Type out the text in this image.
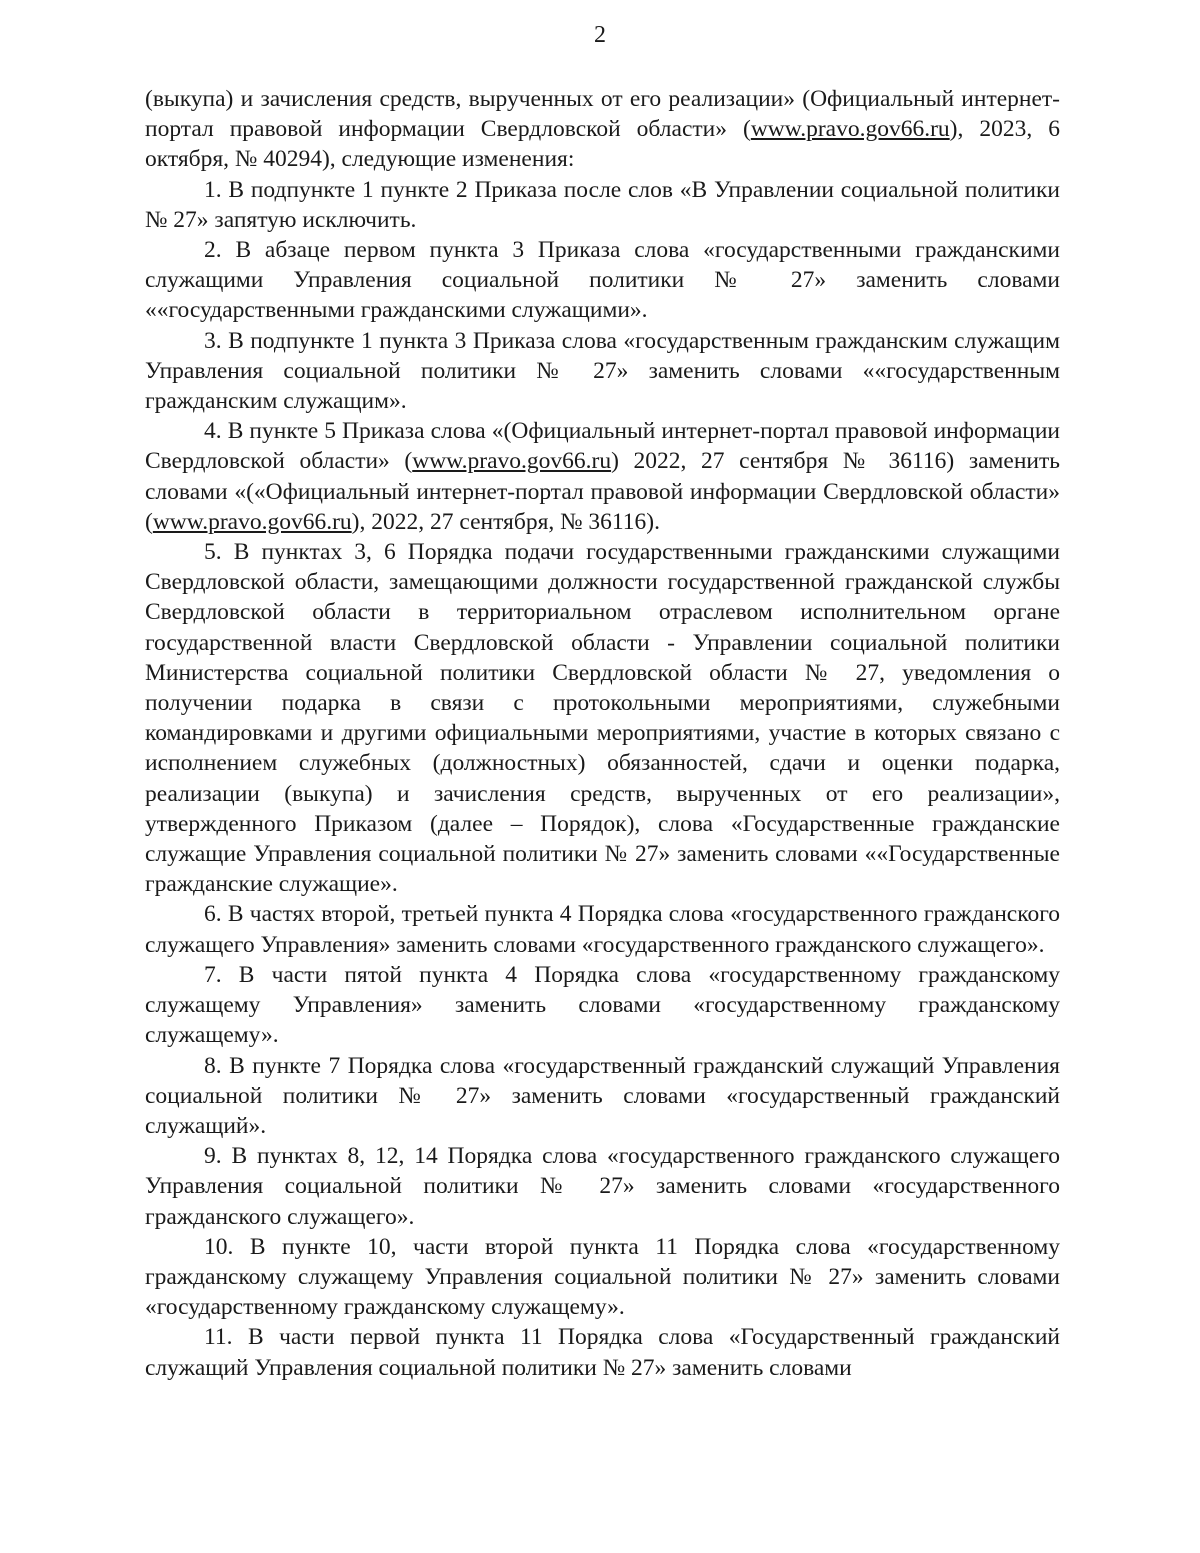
2

(выкупа) и зачисления средств, вырученных от его реализации» (Официальный интернет-портал правовой информации Свердловской области» (www.pravo.gov66.ru), 2023, 6 октября, № 40294), следующие изменения:

1. В подпункте 1 пункте 2 Приказа после слов «В Управлении социальной политики № 27» запятую исключить.

2. В абзаце первом пункта 3 Приказа слова «государственными гражданскими служащими Управления социальной политики № 27» заменить словами ««государственными гражданскими служащими».

3. В подпункте 1 пункта 3 Приказа слова «государственным гражданским служащим Управления социальной политики № 27» заменить словами ««государственным гражданским служащим».

4. В пункте 5 Приказа слова «(Официальный интернет-портал правовой информации Свердловской области» (www.pravo.gov66.ru) 2022, 27 сентября № 36116) заменить словами «(«Официальный интернет-портал правовой информации Свердловской области» (www.pravo.gov66.ru), 2022, 27 сентября, № 36116).

5. В пунктах 3, 6 Порядка подачи государственными гражданскими служащими Свердловской области, замещающими должности государственной гражданской службы Свердловской области в территориальном отраслевом исполнительном органе государственной власти Свердловской области - Управлении социальной политики Министерства социальной политики Свердловской области № 27, уведомления о получении подарка в связи с протокольными мероприятиями, служебными командировками и другими официальными мероприятиями, участие в которых связано с исполнением служебных (должностных) обязанностей, сдачи и оценки подарка, реализации (выкупа) и зачисления средств, вырученных от его реализации», утвержденного Приказом (далее – Порядок), слова «Государственные гражданские служащие Управления социальной политики № 27» заменить словами ««Государственные гражданские служащие».

6. В частях второй, третьей пункта 4 Порядка слова «государственного гражданского служащего Управления» заменить словами «государственного гражданского служащего».

7. В части пятой пункта 4 Порядка слова «государственному гражданскому служащему Управления» заменить словами «государственному гражданскому служащему».

8. В пункте 7 Порядка слова «государственный гражданский служащий Управления социальной политики № 27» заменить словами «государственный гражданский служащий».

9. В пунктах 8, 12, 14 Порядка слова «государственного гражданского служащего Управления социальной политики № 27» заменить словами «государственного гражданского служащего».

10. В пункте 10, части второй пункта 11 Порядка слова «государственному гражданскому служащему Управления социальной политики № 27» заменить словами «государственному гражданскому служащему».

11. В части первой пункта 11 Порядка слова «Государственный гражданский служащий Управления социальной политики № 27» заменить словами
